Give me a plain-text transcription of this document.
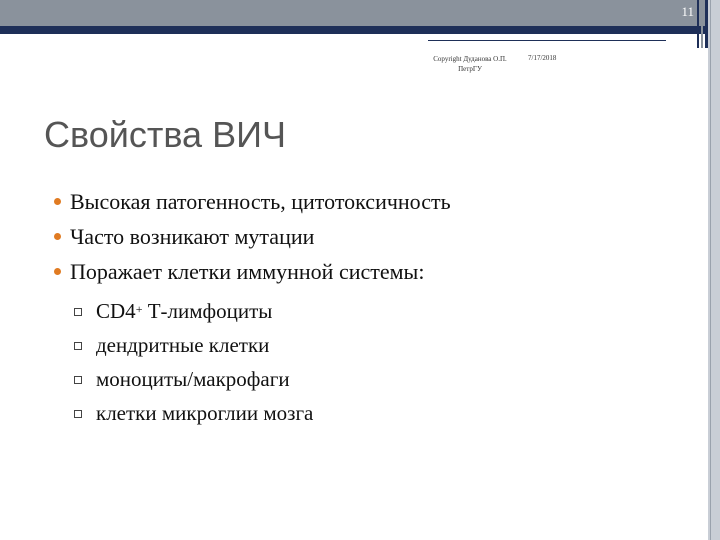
11
Copyright Дуданова О.П.
ПетрГУ
7/17/2018
Свойства ВИЧ
Высокая патогенность, цитотоксичность
Часто возникают мутации
Поражает клетки иммунной системы:
CD4+ Т-лимфоциты
дендритные клетки
моноциты/макрофаги
клетки микроглии мозга
